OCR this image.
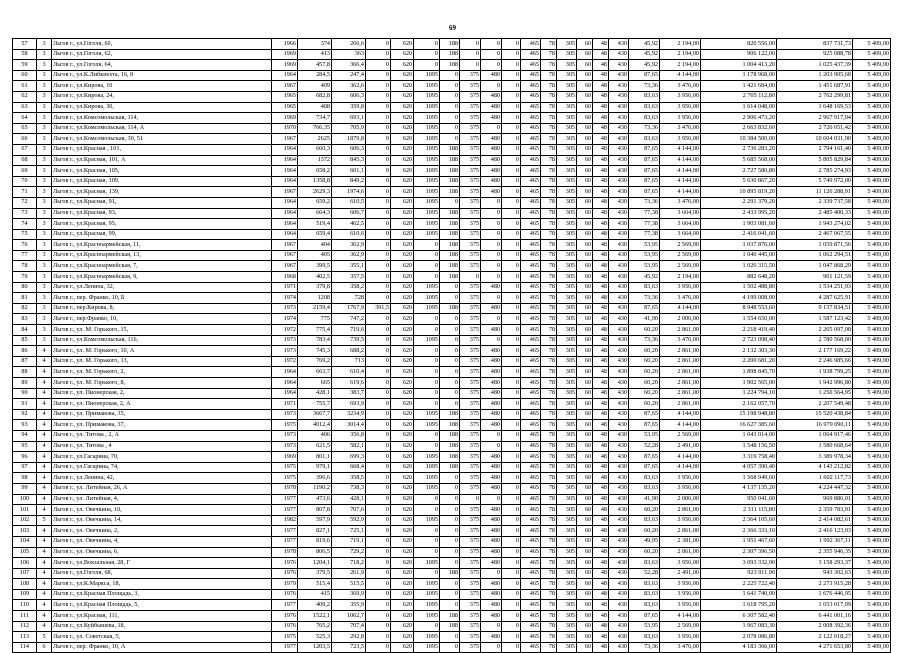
69
57	3	Льгов г., ул.Гоголя, 60,	1966	374	266,6	0	620	0	188	0	0	0	465	78	305	60	48	430	45,92	2 194,00	820 556,00	837 731,73	5 409,00
58	3	Льгов г., ул.Гоголя, 62,	1969	413	363	0	620	0	188	0	0	0	465	78	305	60	48	430	45,92	2 194,00	906 122,00	925 088,78	5 409,00
59	3	Льгов г., ул.Гоголя, 64,	1969	457,8	366,4	0	620	0	188	0	0	0	465	78	305	60	48	430	45,92	2 194,00	1 004 413,20	1 025 437,39	5 409,00
60	3	Льгов г., ул.К.Либкнехта, 16, 8	1964	284,5	247,4	0	620	1095	0	375	480	0	465	78	305	60	48	430	87,65	4 144,00	1 178 968,00	1 203 905,68	5 409,00
61	3	Льгов г., ул.Кирова, 10	1967	409	362,6	0	620	1095	0	375	0	0	465	78	305	60	48	430	73,36	3 476,00	1 421 684,00	1 451 687,91	5 409,00
62	3	Льгов г., ул.Кирова, 24,	1965	682,8	606,3	0	620	1095	0	375	480	0	465	78	305	60	48	430	83,63	3 956,00	2 705 112,80	2 762 299,81	5 409,00
63	3	Льгов г., ул.Кирова, 30,	1965	408	359,8	0	620	1095	0	375	480	0	465	78	305	60	48	430	83,63	3 956,00	1 614 048,00	1 648 169,53	5 409,00
64	3	Льгов г., ул.Комсомольская, 114,	1969	734,7	693,1	0	620	1095	0	375	480	0	465	78	305	60	48	430	83,63	3 956,00	2 906 473,20	2 967 917,04	5 409,00
65	3	Льгов г., ул.Комсомольская, 114, А	1970	766,35	705,9	0	620	1095	0	375	0	0	465	78	305	60	48	430	73,36	3 476,00	2 663 832,60	2 720 051,42	5 409,00
66	3	Льгов г., ул.Комсомольская, 30, 51	1967	2625	1879,8	0	620	1095	0	375	480	0	465	78	305	60	48	430	83,63	3 956,00	10 384 500,00	10 604 031,90	5 409,00
67	3	Льгов г., ул.Красная , 101,	1964	660,3	606,3	0	620	1095	188	375	480	0	465	78	305	60	48	430	87,65	4 144,00	2 736 283,20	2 794 161,40	5 409,00
68	3	Льгов г., ул.Красная, 101, А	1964	1372	845,3	0	620	1095	188	375	480	0	465	78	305	60	48	430	87,65	4 144,00	5 685 568,00	5 805 829,84	5 409,00
69	3	Льгов г., ул.Красная, 105,	1964	658,2	601,1	0	620	1095	188	375	480	0	465	78	305	60	48	430	87,65	4 144,00	2 727 580,80	2 785 274,93	5 409,00
70	3	Льгов г., ул.Красная, 109,	1964	1358,8	849,2	0	620	1095	188	375	480	0	465	78	305	60	48	430	87,65	4 144,00	5 630 867,20	5 749 972,00	5 409,00
71	3	Льгов г., ул.Красная, 139,	1967	2629,3	1974,6	0	620	1095	188	375	480	0	465	78	305	60	48	430	87,65	4 144,00	10 895 819,20	11 126 288,91	5 409,00
72	3	Льгов г., ул.Красная, 91,	1964	659,2	610,5	0	620	1095	0	375	0	0	465	78	305	60	48	430	73,36	3 476,00	2 291 379,20	2 339 737,58	5 409,00
73	3	Льгов г., ул.Красная, 93,	1964	664,3	606,7	0	620	1095	188	375	0	0	465	78	305	60	48	430	77,38	3 664,00	2 433 995,20	2 485 400,33	5 409,00
74	3	Льгов г., ул.Красная, 95,	1964	519,4	462,5	0	620	1095	188	375	0	0	465	78	305	60	48	430	77,38	3 664,00	1 903 081,60	1 943 274,02	5 409,00
75	3	Льгов г., ул.Красная, 99,	1964	659,4	610,6	0	620	1095	188	375	0	0	465	78	305	60	48	430	77,38	3 664,00	2 416 041,60	2 467 067,55	5 409,00
76	3	Льгов г., ул.Красноармейская, 11,	1967	404	362,9	0	620	0	188	375	0	0	465	78	305	60	48	430	53,95	2 569,00	1 037 876,00	1 059 871,56	5 409,00
77	3	Льгов г., ул.Красноармейская, 13,	1967	405	362,9	0	620	0	188	375	0	0	465	78	305	60	48	430	53,95	2 569,00	1 040 445,00	1 062 294,51	5 409,00
78	3	Льгов г., ул.Красноармейская, 7,	1967	399,5	355,1	0	620	0	188	375	0	0	465	78	305	60	48	430	53,95	2 569,00	1 026 315,50	1 047 868,29	5 409,00
79	3	Льгов г., ул.Красноармейская, 9,	1968	402,5	357,5	0	620	0	188	0	0	0	465	78	305	60	48	430	45,92	2 194,00	882 648,20	901 121,59	5 409,00
80	3	Льгов г., ул.Ленина, 32,	1971	379,8	358,2	0	620	1095	0	375	480	0	465	78	305	60	48	430	83,63	3 956,00	1 502 488,80	1 534 251,93	5 409,00
81	3	Льгов г., пер. Франко, 10, Б	1974	1208	728	0	620	1095	0	375	0	0	465	78	305	60	48	430	73,36	3 476,00	4 199 008,00	4 287 625,91	5 409,00
82	3	Льгов г., пер.Кирова, 8,	1973	2159,4	1767,9	391,5	620	1095	188	375	480	0	465	78	305	60	48	430	87,65	4 144,00	8 948 553,60	9 137 834,51	5 409,00
83	3	Льгов г., пер.Франко, 10,	1974	775	747,2	0	620	0	0	375	0	0	465	78	305	60	48	430	41,90	2 006,00	1 554 650,00	1 587 123,42	5 409,00
84	3	Льгов г., ул. М. Горького, 15,	1972	775,4	719,6	0	620	0	0	375	480	0	465	78	305	60	48	430	60,20	2 861,00	2 218 419,40	2 265 097,08	5 409,00
85	3	Льгов г., ул.Комсомольская, 116,	1973	783,4	739,5	0	620	1095	0	375	0	0	465	78	305	60	48	430	73,36	3 476,00	2 723 098,40	2 780 568,00	5 409,00
86	4	Льгов г., ул. М. Горького, 10, А	1973	745,3	688,2	0	620	0	0	375	480	0	465	78	305	60	48	430	60,20	2 861,00	2 132 303,30	2 177 169,22	5 409,00
87	4	Льгов г., ул. М. Горького, 13,	1972	769,2	713	0	620	0	0	375	480	0	465	78	305	60	48	430	60,20	2 861,00	2 200 681,20	2 246 985,66	5 409,00
88	4	Льгов г., ул. М. Горького, 2,	1964	663,7	610,4	0	620	0	0	375	480	0	465	78	305	60	48	430	60,20	2 861,00	1 898 845,70	1 938 799,25	5 409,00
89	4	Льгов г., ул. М. Горького, 8,	1964	665	619,6	0	620	0	0	375	480	0	465	78	305	60	48	430	60,20	2 861,00	1 902 565,00	1 942 996,80	5 409,00
90	4	Льгов г., ул. Пионерская, 2,	1964	428,1	383,7	0	620	0	0	375	480	0	465	78	305	60	48	430	60,20	2 861,00	1 224 794,10	1 250 564,95	5 409,00
91	4	Льгов г., ул. Пионерская, 2, А	1971	755,7	693,9	0	620	0	0	375	480	0	465	78	305	60	48	430	60,20	2 861,00	2 162 057,70	2 207 549,48	5 409,00
92	4	Льгов г., ул. Примакова, 35,	1973	3667,7	3234,9	0	620	1095	188	375	480	0	465	78	305	60	48	430	87,65	4 144,00	15 198 948,80	15 520 438,84	5 409,00
93	4	Льгов г., ул. Примакова, 37,	1975	4012,4	3014,4	0	620	1095	188	375	480	0	465	78	305	60	48	430	87,65	4 144,00	16 627 385,60	16 979 090,11	5 409,00
94	4	Льгов г., ул. Титова , 2, А	1973	406	356,8	0	620	0	188	375	0	0	465	78	305	60	48	430	53,95	2 569,00	1 043 014,00	1 064 917,46	5 409,00
95	4	Льгов г., ул. Титова , 4	1973	621,5	582,1	0	620	0	188	375	0	0	465	78	305	60	48	430	52,28	2 491,00	1 548 156,50	1 580 668,64	5 409,00
96	4	Льгов г., ул.Гагарина, 70,	1969	801,1	699,3	0	620	1095	188	375	480	0	465	78	305	60	48	430	87,65	4 144,00	3 319 758,40	3 389 978,34	5 409,00
97	4	Льгов г., ул.Гагарина, 74,	1975	979,1	668,4	0	620	1095	188	375	480	0	465	78	305	60	48	430	87,65	4 144,00	4 057 390,40	4 143 212,82	5 409,00
98	4	Льгов г., ул.Ленина, 42,	1975	396,6	358,5	0	620	1095	0	375	480	0	465	78	305	60	48	430	83,63	3 956,00	1 568 949,60	1 602 117,73	5 409,00
99	4	Льгов г., ул. Литейная, 26, А	1978	1190,2	738,3	0	620	1095	0	375	480	0	465	78	305	60	48	430	83,63	3 956,00	4 137 135,20	4 224 447,32	5 409,00
100	4	Льгов г., ул. Литейная, 4,	1977	473,6	428,1	0	620	0	0	0	0	0	465	78	305	60	48	430	41,90	2 006,00	950 041,60	969 886,01	5 409,00
101	4	Льгов г., ул. Овечкина, 10,	1977	807,8	707,6	0	620	0	0	375	480	0	465	78	305	60	48	430	60,20	2 861,00	2 311 115,80	2 359 783,91	5 409,00
102	5	Льгов г., ул. Овечкина, 14,	1982	597,9	592,9	0	620	1095	0	375	480	0	465	78	305	60	48	430	83,63	3 956,00	2 364 105,60	2 414 082,61	5 409,00
103	4	Льгов г., ул. Овечкина, 2,	1977	827,1	725,1	0	620	0	0	375	480	0	465	78	305	60	48	430	60,20	2 861,00	2 366 333,10	2 416 123,03	5 409,00
104	4	Льгов г., ул. Овечкина, 4,	1977	819,6	719,1	0	620	0	0	375	480	0	465	78	305	60	48	430	49,95	2 381,00	1 951 467,60	1 992 367,11	5 409,00
105	4	Льгов г., ул. Овечкина, 6,	1978	806,5	729,2	0	620	0	0	375	480	0	465	78	305	60	48	430	60,20	2 861,00	2 307 396,50	2 355 946,35	5 409,00
106	4	Льгов г., ул.Вокзальная, 28, Г	1976	1204,1	718,2	0	620	1095	0	375	480	0	465	78	305	60	48	430	83,63	3 956,00	3 093 332,90	3 158 293,37	5 409,00
107	4	Льгов г., ул.Гоголя, 68,	1976	379,5	261,9	0	620	0	188	375	0	0	465	78	305	60	48	430	52,28	2 491,00	923 911,90	943 302,63	5 409,00
108	4	Льгов г., ул.К.Маркса, 18,	1979	515,4	515,5	0	620	1095	0	375	480	0	465	78	305	60	48	430	83,63	3 956,00	2 225 722,40	2 273 915,28	5 409,00
109	4	Льгов г., ул.Красная Площадь, 3,	1976	415	369,9	0	620	1095	0	375	480	0	465	78	305	60	48	430	83,63	3 956,00	1 641 740,00	1 676 446,95	5 409,00
110	4	Льгов г., ул.Красная Площадь, 5,	1977	409,2	355,9	0	620	1095	0	375	480	0	465	78	305	60	48	430	83,63	3 956,00	1 618 795,20	1 653 017,09	5 409,00
111	4	Льгов г., ул.Красная, 111,	1976	1522,1	1062,7	0	620	1095	188	375	480	0	465	78	305	60	48	430	87,65	4 144,00	6 307 582,40	6 441 001,16	5 409,00
112	4	Льгов г., ул.Куйбышева, 18,	1976	765,2	707,4	0	620	0	188	375	0	0	465	78	305	60	48	430	53,95	2 569,00	1 967 083,30	2 008 392,36	5 409,00
113	5	Льгов г., ул. Советская, 5,	1975	525,3	292,8	0	620	1095	0	375	480	0	465	78	305	60	48	430	83,63	3 956,00	2 078 086,80	2 122 018,27	5 409,00
114	6	Льгов г., пер. Франко, 10, А	1977	1203,5	723,5	0	620	1095	0	375	0	0	465	78	305	60	48	430	73,36	3 476,00	4 183 366,00	4 271 653,80	5 409,00
